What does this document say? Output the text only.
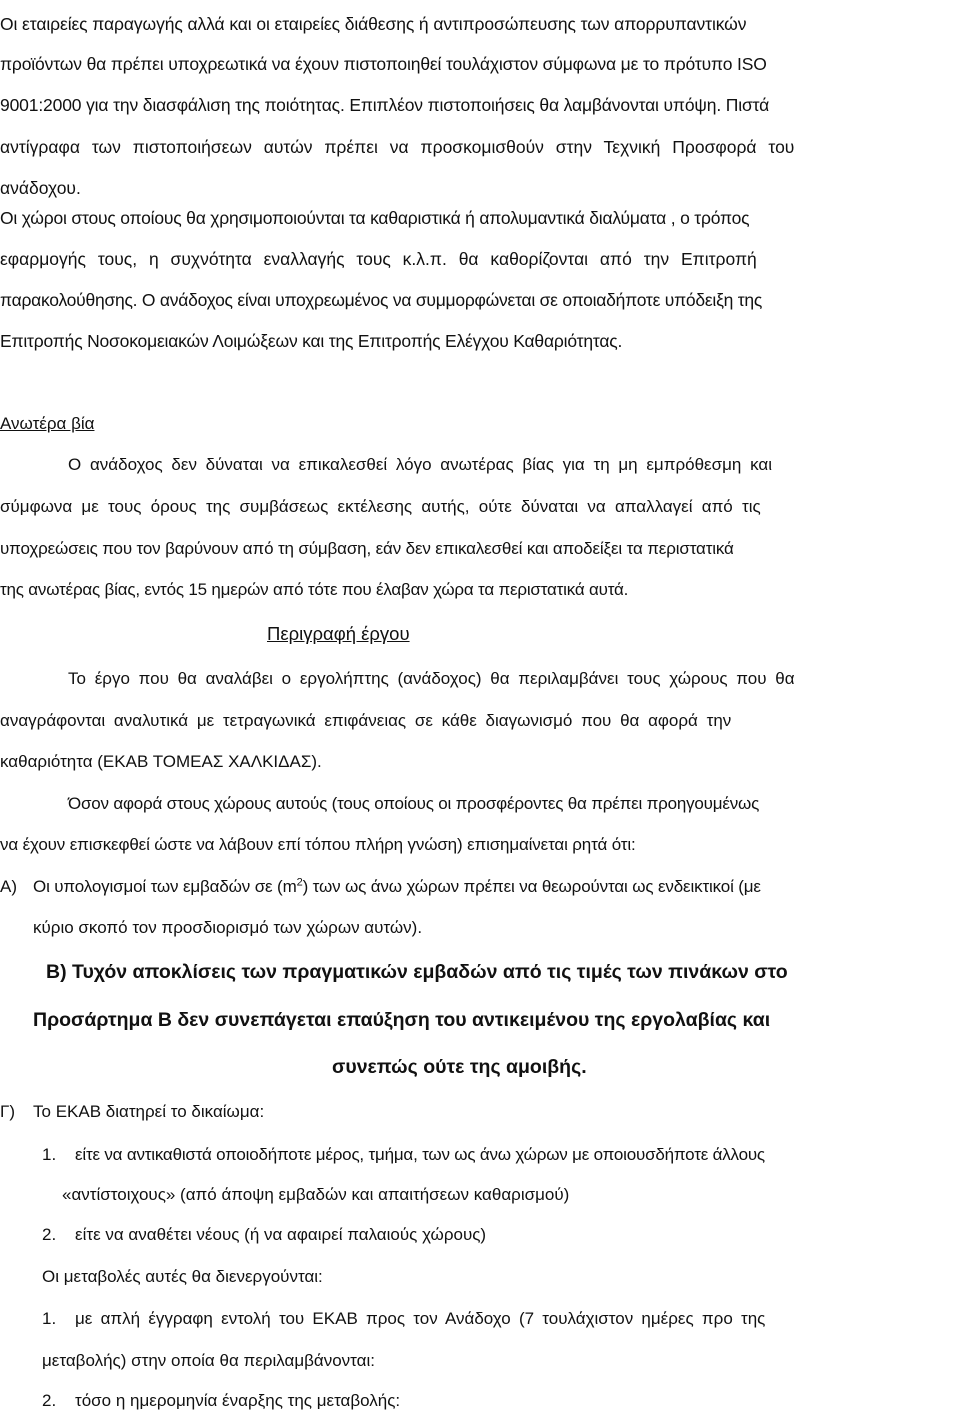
Οι εταιρείες παραγωγής αλλά και οι εταιρείες διάθεσης ή αντιπροσώπευσης των απορρυπαντικών
προϊόντων θα πρέπει υποχρεωτικά να έχουν πιστοποιηθεί τουλάχιστον σύμφωνα με το πρότυπο ISO
9001:2000 για την διασφάλιση της ποιότητας. Επιπλέον πιστοποιήσεις θα λαμβάνονται υπόψη. Πιστά
αντίγραφα των πιστοποιήσεων αυτών πρέπει να προσκομισθούν στην Τεχνική Προσφορά του
ανάδοχου.
Οι χώροι στους οποίους θα χρησιμοποιούνται τα καθαριστικά ή απολυμαντικά διαλύματα , ο τρόπος
εφαρμογής τους, η συχνότητα εναλλαγής τους κ.λ.π. θα καθορίζονται από την Επιτροπή
παρακολούθησης. Ο ανάδοχος είναι υποχρεωμένος να συμμορφώνεται σε οποιαδήποτε υπόδειξη της
Επιτροπής Νοσοκομειακών Λοιμώξεων και της Επιτροπής Ελέγχου Καθαριότητας.
Ανωτέρα βία
Ο ανάδοχος δεν δύναται να επικαλεσθεί λόγο ανωτέρας βίας για τη μη εμπρόθεσμη και
σύμφωνα με τους όρους της συμβάσεως εκτέλεσης αυτής, ούτε δύναται να απαλλαγεί από τις
υποχρεώσεις που τον βαρύνουν από τη σύμβαση, εάν δεν επικαλεσθεί και αποδείξει τα περιστατικά
της ανωτέρας βίας, εντός 15 ημερών από τότε που έλαβαν χώρα τα περιστατικά αυτά.
Περιγραφή έργου
Το έργο που θα αναλάβει ο εργολήπτης (ανάδοχος) θα περιλαμβάνει τους χώρους που θα
αναγράφονται αναλυτικά με τετραγωνικά επιφάνειας σε κάθε διαγωνισμό που θα αφορά την
καθαριότητα (ΕΚΑΒ ΤΟΜΕΑΣ ΧΑΛΚΙΔΑΣ).
Όσον αφορά στους χώρους αυτούς (τους οποίους οι προσφέροντες θα πρέπει προηγουμένως
να έχουν επισκεφθεί ώστε να λάβουν επί τόπου πλήρη γνώση) επισημαίνεται ρητά ότι:
Α) Οι υπολογισμοί των εμβαδών σε $(m^2)$ των ως άνω χώρων πρέπει να θεωρούνται ως ενδεικτικοί (με
κύριο σκοπό τον προσδιορισμό των χώρων αυτών).
Β) Τυχόν αποκλίσεις των πραγματικών εμβαδών από τις τιμές των πινάκων στο
Προσάρτημα Β δεν συνεπάγεται επαύξηση του αντικειμένου της εργολαβίας και
συνεπώς ούτε της αμοιβής.
Γ) Το ΕΚΑΒ διατηρεί το δικαίωμα:
1. είτε να αντικαθιστά οποιοδήποτε μέρος, τμήμα, των ως άνω χώρων με οποιουσδήποτε άλλους
«αντίστοιχους» (από άποψη εμβαδών και απαιτήσεων καθαρισμού)
2. είτε να αναθέτει νέους (ή να αφαιρεί παλαιούς χώρους)
Οι μεταβολές αυτές θα διενεργούνται:
1. με απλή έγγραφη εντολή του ΕΚΑΒ προς τον Ανάδοχο (7 τουλάχιστον ημέρες προ της
μεταβολής) στην οποία θα περιλαμβάνονται:
2. τόσο η ημερομηνία έναρξης της μεταβολής:
